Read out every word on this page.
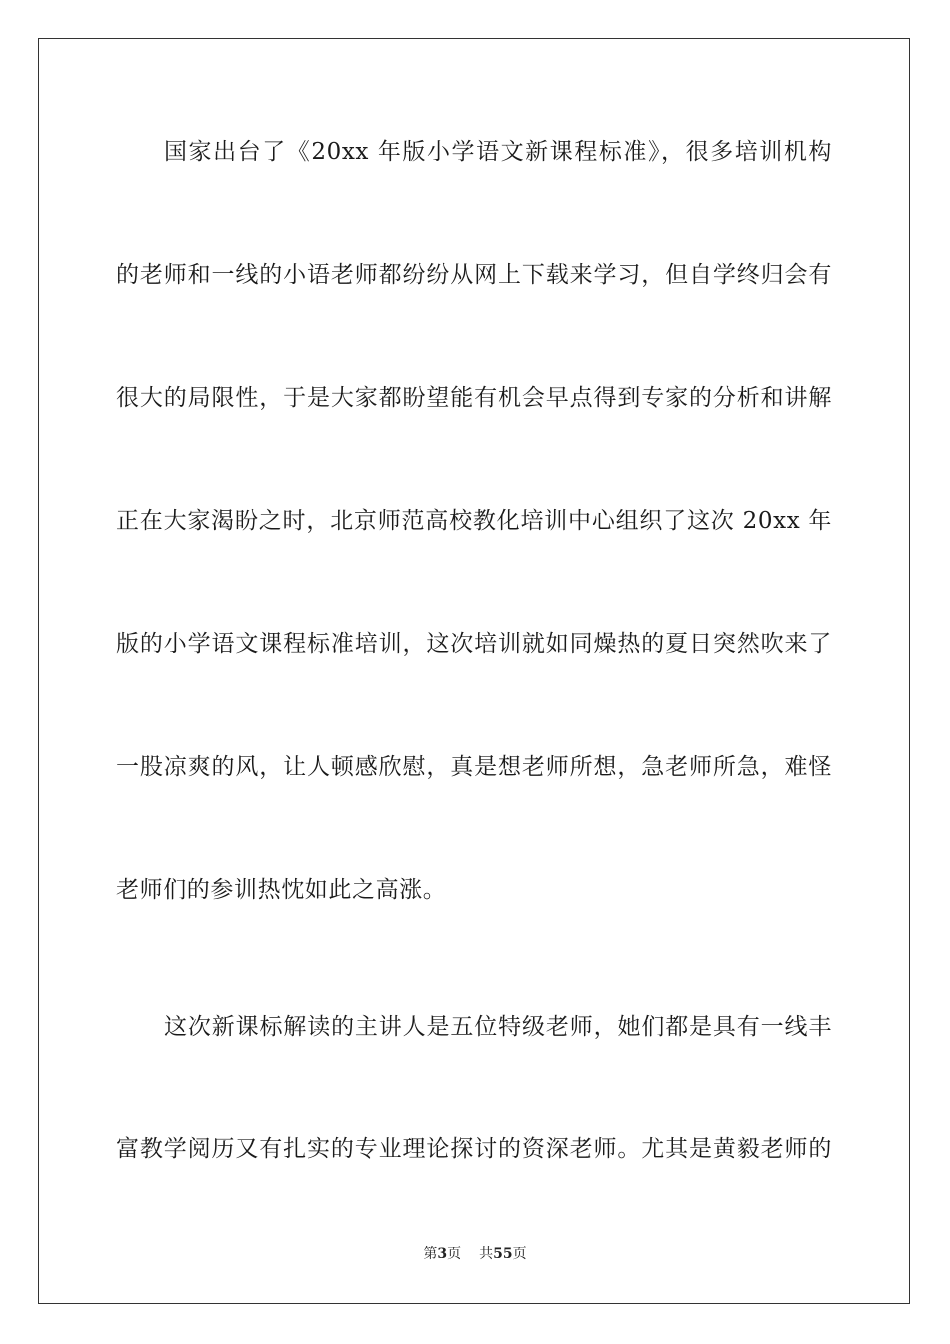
国家出台了《20xx 年版小学语文新课程标准》，很多培训机构
的老师和一线的小语老师都纷纷从网上下载来学习，但自学终归会有
很大的局限性，于是大家都盼望能有机会早点得到专家的分析和讲解
正在大家渴盼之时，北京师范高校教化培训中心组织了这次 20xx 年
版的小学语文课程标准培训，这次培训就如同燥热的夏日突然吹来了
一股凉爽的风，让人顿感欣慰，真是想老师所想，急老师所急，难怪
老师们的参训热忱如此之高涨。
这次新课标解读的主讲人是五位特级老师，她们都是具有一线丰
富教学阅历又有扎实的专业理论探讨的资深老师。尤其是黄毅老师的
第3页 共55页
